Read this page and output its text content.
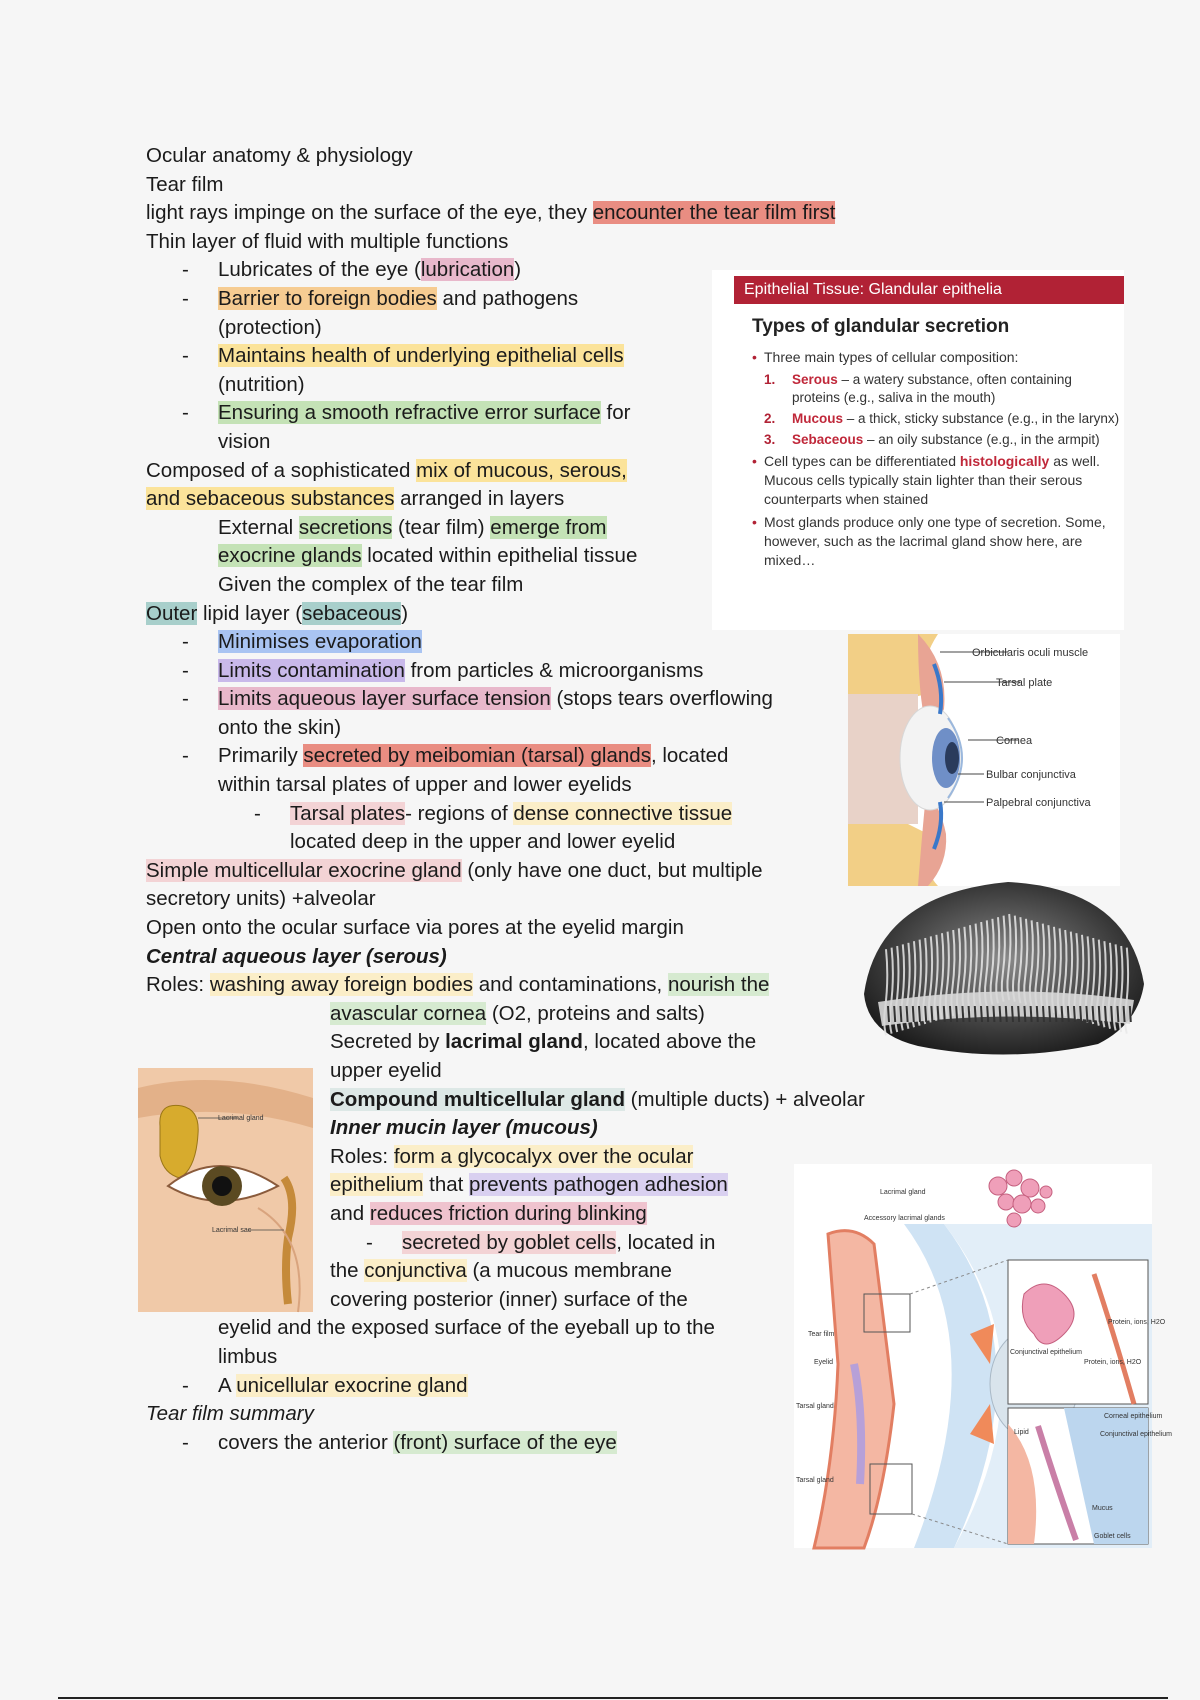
Ocular anatomy & physiology
Tear film
light rays impinge on the surface of the eye, they encounter the tear film first
Thin layer of fluid with multiple functions
- Lubricates of the eye (lubrication)
- Barrier to foreign bodies and pathogens
(protection)
- Maintains health of underlying epithelial cells
(nutrition)
- Ensuring a smooth refractive error surface for
vision
Composed of a sophisticated mix of mucous, serous,
and sebaceous substances arranged in layers
External secretions (tear film) emerge from
exocrine glands located within epithelial tissue
Given the complex of the tear film
Outer lipid layer (sebaceous)
- Minimises evaporation
- Limits contamination from particles & microorganisms
- Limits aqueous layer surface tension (stops tears overflowing
onto the skin)
- Primarily secreted by meibomian (tarsal) glands, located
within tarsal plates of upper and lower eyelids
- Tarsal plates- regions of dense connective tissue
located deep in the upper and lower eyelid
Simple multicellular exocrine gland (only have one duct, but multiple
secretory units) +alveolar
Open onto the ocular surface via pores at the eyelid margin
Central aqueous layer (serous)
Roles: washing away foreign bodies and contaminations, nourish the
avascular cornea (O2, proteins and salts)
Secreted by lacrimal gland, located above the
upper eyelid
Compound multicellular gland (multiple ducts) + alveolar
Inner mucin layer (mucous)
Roles: form a glycocalyx over the ocular
epithelium that prevents pathogen adhesion
and reduces friction during blinking
- secreted by goblet cells, located in
the conjunctiva (a mucous membrane
covering posterior (inner) surface of the
eyelid and the exposed surface of the eyeball up to the
limbus
- A unicellular exocrine gland
Tear film summary
- covers the anterior (front) surface of the eye
Epithelial Tissue: Glandular epithelia
Types of glandular secretion
• Three main types of cellular composition:
1. Serous – a watery substance, often containing proteins (e.g., saliva in the mouth)
2. Mucous – a thick, sticky substance (e.g., in the larynx)
3. Sebaceous – an oily substance (e.g., in the armpit)
• Cell types can be differentiated histologically as well. Mucous cells typically stain lighter than their serous counterparts when stained
• Most glands produce only one type of secretion. Some, however, such as the lacrimal gland show here, are mixed…
Orbicularis oculi muscle
Tarsal plate
Cornea
Bulbar conjunctiva
Palpebral conjunctiva
Lacrimal gland
Lacrimal sac
Lacrimal gland
Accessory lacrimal glands
Tear film
Eyelid
Tarsal gland
Tarsal gland
Conjunctival epithelium
Protein, ions, H2O
Protein, ions, H2O
Corneal epithelium
Conjunctival epithelium
Lipid
Mucus
Goblet cells
